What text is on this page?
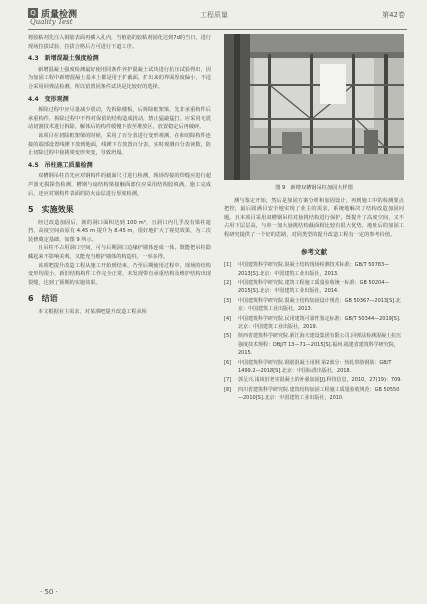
Q 质量检测
Quality Test
工程质量	第42卷

将胶粘剂先注入钢筋表面再插入孔内，当植筋的胶粘剂固化达到7d的当日，进行现场拉拔试验，拉拔合格后方可进行下道工序。

4.3　新增混凝土强度检测

新增混凝土强度检测最好使用同条件养护混凝土试块进行抗压试验得出，因为加固工程中新增混凝土基本上都是用于扩截面，扩出来的界面厚度偏小，不适合采用回弹法检测，所以留置同条件试块是比较好的选择。

4.4　变形观测

拆除过程中应尽量减少震动，先拆除楼板，后拆除框架梁，先非承重构件后承重构件，拆除过程中不得对保留的结构造成扰动，禁止猛敲猛打。应采用无震动切割技术进行拆除，解体后的构件缓慢下放至堆放区，放置稳定后再破碎。

该项目在切除框架梁的时候，采用了百分表进行变形观测，在和切除构件连接的端部设置线锤下放到地面，线锤下方放置百分表，实时观测百分表读数，防止切除过程中悬挑梁变形突变，导致坍塌。

4.5　吊柱施工质量检测

双槽钢吊柱首先应对钢构件的截面尺寸进行检测，现场焊接的焊缝应进行超声波无损探伤检测，槽钢与扇结构梁接触面部位应采用结构胶填满，施工完成后，还应对钢构件表面的防火涂层进行厚度检测。

5　实施效果

经过改造加固后，新的洞口面积达到 100 m²，且洞口内几乎没有梁柱遮挡，高度空间由原有 4.45 m 提升为 8.45 m，很好地扩大了视觉效果，为二次装修奠定基础，如图 9 所示。

且吊柱不占用洞口空间，可与后期洞口边缘护墙体连成一体，既能把吊柱隐藏起来不影响美观，又能充当维护墙体的构造柱，一举多得。

该项吧提升改造工程从施工开始到结束，乃至后期使用过程中，现场的结构变形均很小，新旧结构构件工作完全正常，未发现带有承重结构及维护结构出现裂缝，达到了预期的实施效果。

6　结语

本文根据业主需求，对某酒吧提升改造工程从检

图 9　新增双槽钢吊柱加固大样图

测与鉴定开始，然后是加固方案分析和加固设计，再到施工中的检测要点把控，最后圆满目安全地实现了业主的需求，系统地解决了结构改造加固问题。且本项目采用双槽钢吊柱对悬挑结构进行保护，既提升了高度空间，又不占用下层层高，与单一加大悬挑结构截面相比较有很大优势，地址后的加固工程研究提供了一个好的思路，对同类型的提升改造工程有一定的参考价值。

参考文献
[1]	中国建筑科学研究院.混凝土结构现场检测技术标准：GB/T 50783—2013[S].北京：中国建筑工业出版社，2013.
[2]	中国建筑科学研究院.建筑工程施工质量验收统一标准：GB 50204—2015[S].北京：中国建筑工业出版社，2014.
[3]	中国建筑科学研究院.混凝土结构加固设计规范：GB 50367—2013[S].北京：中国建筑工业出版社，2013.
[4]	中国建筑科学研究院.民用建筑可靠性鉴定标准：GB/T 50344—2019[S].北京：中国建筑工业出版社，2019.
[5]	陕西省建筑科学研究院.浙江海天建设集团有限公司.回弹法检测混凝土抗压强度技术规程：DBJ/T 13—71—2015[S].福州.福建省建筑科学研究院，2015.
[6]	中国建筑科学研究院.钢筋混凝土用钢 第2部分：热轧带肋钢筋：GB/T 1499.2—2018[S].北京：中国标准出版社，2018.
[7]	郭呈兴.浅谈旧老实混凝土的补强加固[J].科技信息，2010，27(19)：709.
[8]	四川省建筑科学研究院.建筑结构加固工程施工质量验收规范：GB 50550—2010[S].北京：中国建筑工业出版社，2010.
· 50 ·
